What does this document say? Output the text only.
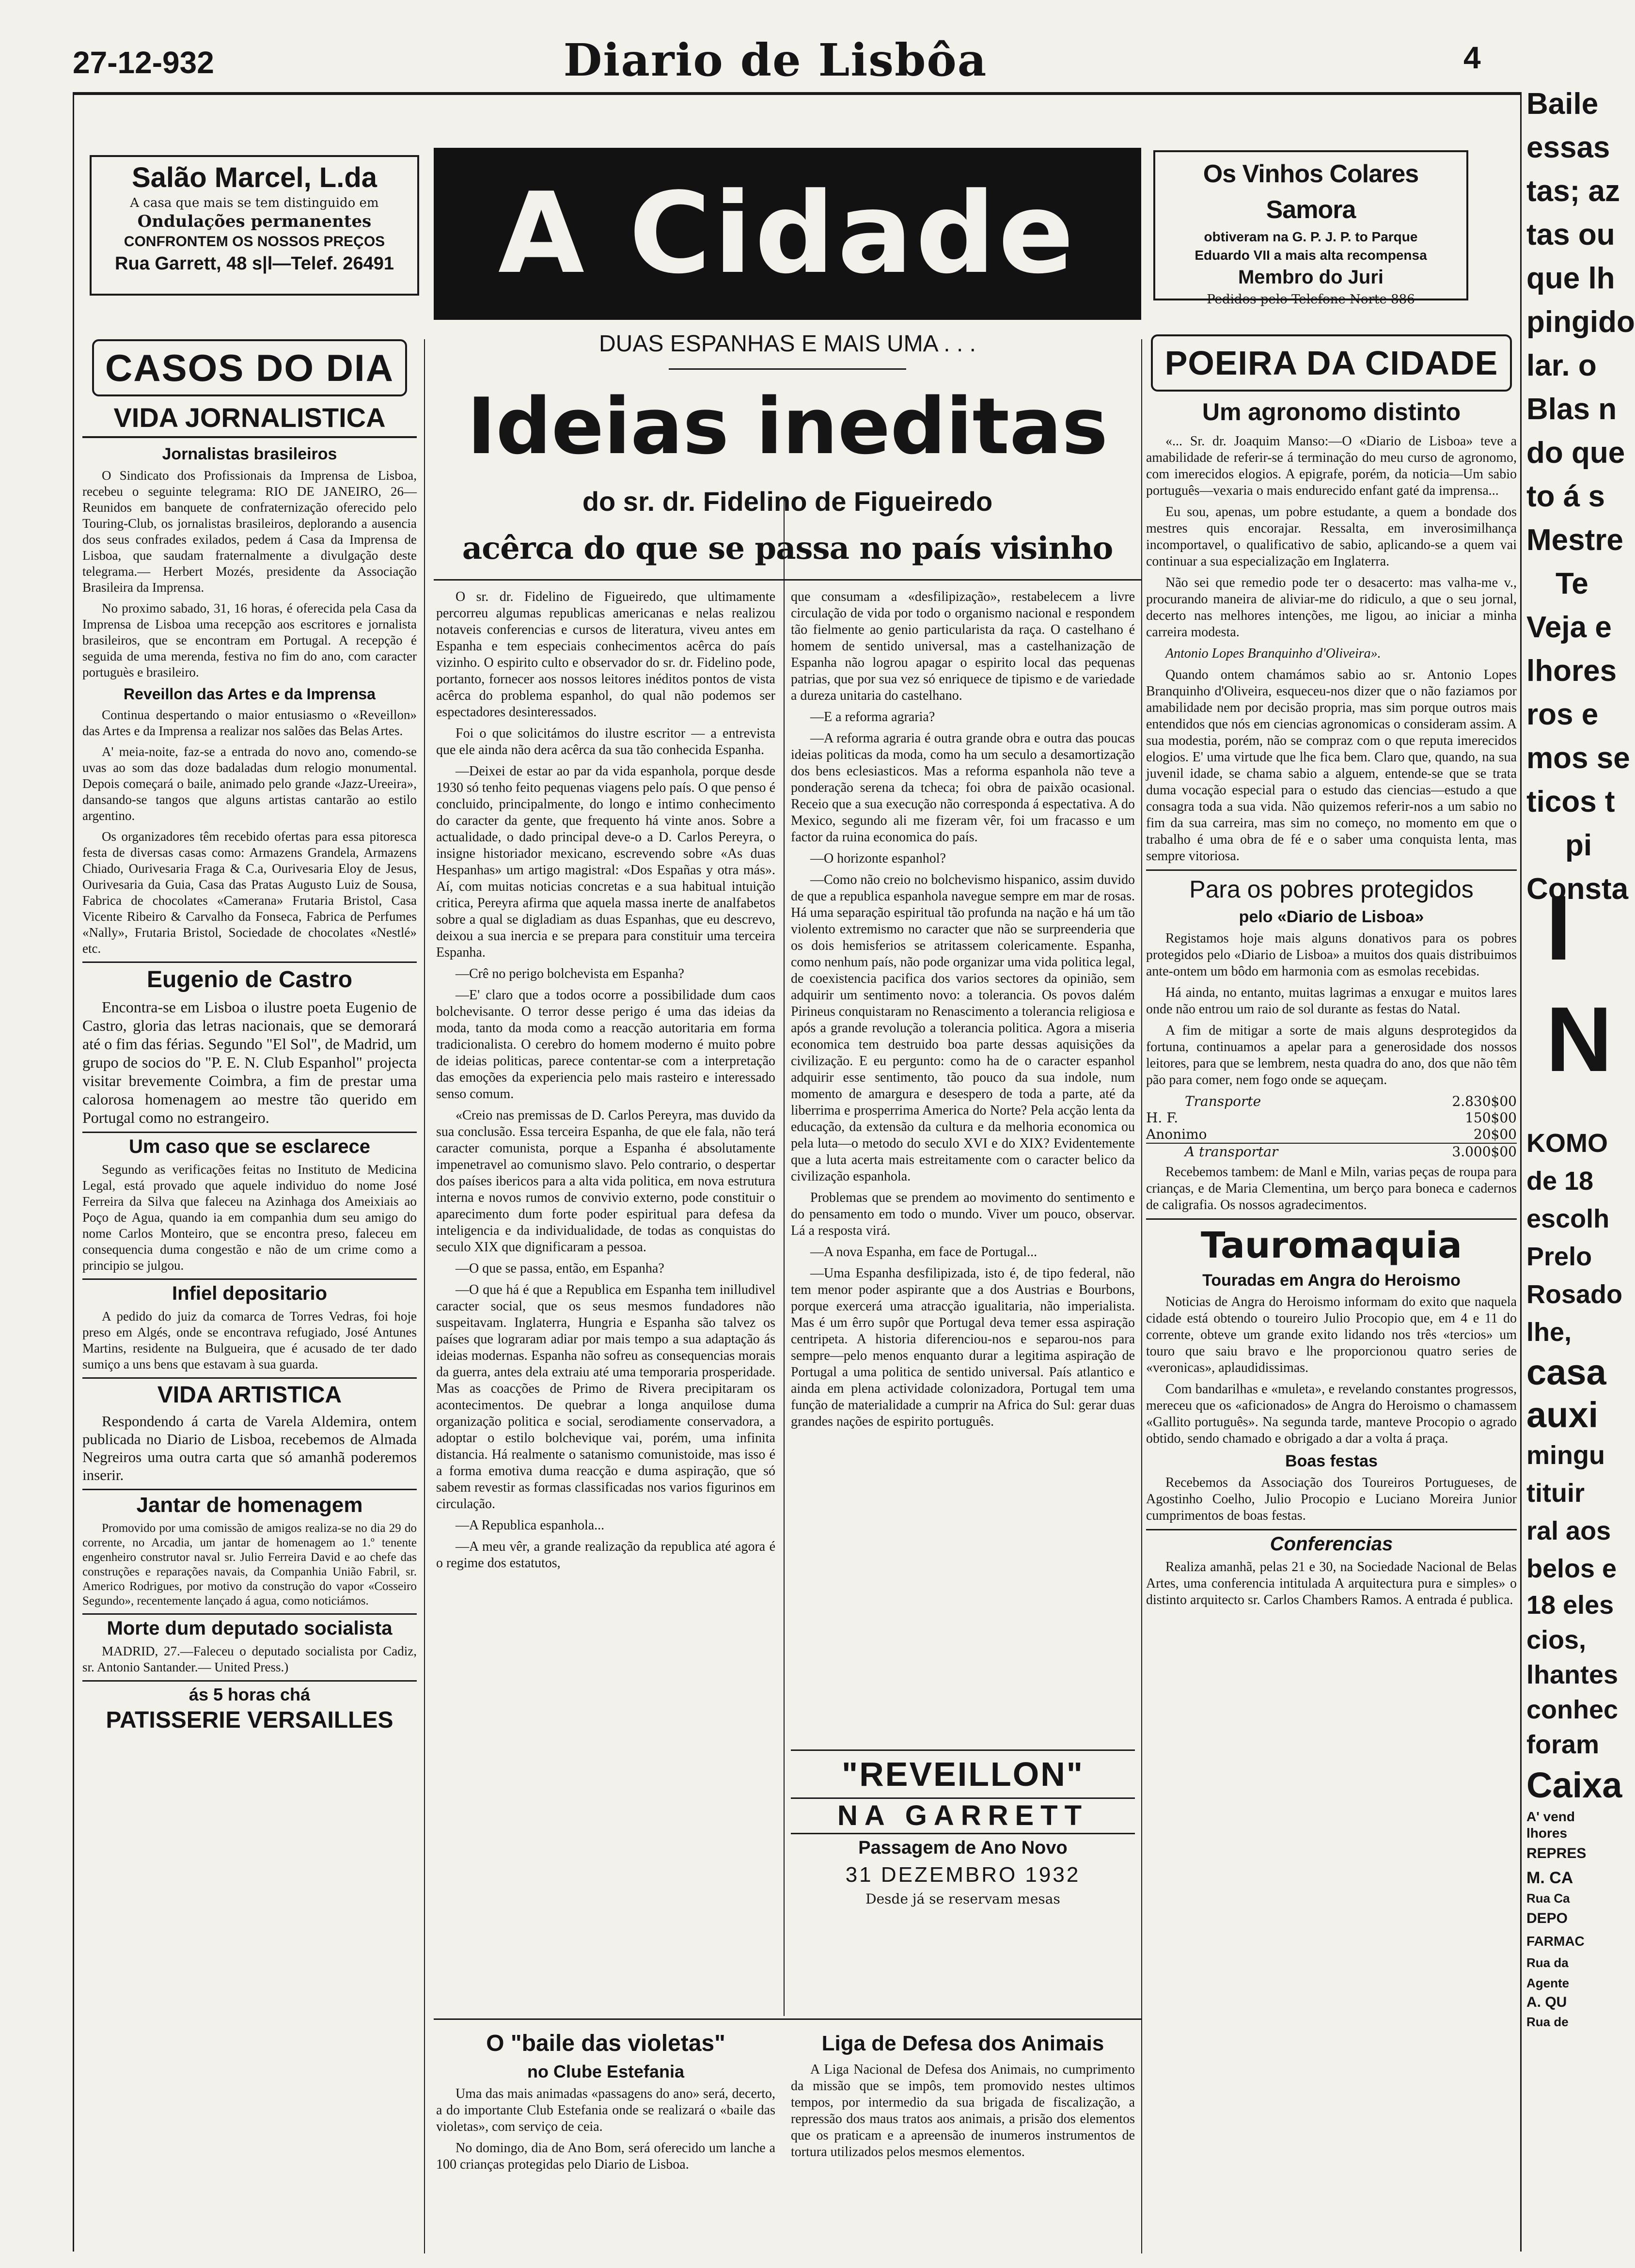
27-12-932	Diario de Lisbôa	4
Salão Marcel, L.da
A casa que mais se tem distinguido em
Ondulações permanentes
CONFRONTEM OS NOSSOS PREÇOS
Rua Garrett, 48 s|l—Telef. 26491 A Cidade	Os Vinhos Colares Samora
obtiveram na G. P. J. P. to Parque
Eduardo VII a mais alta recompensa
Membro do Juri
Pedidos pelo Telefone Norte 886
CASOS DO DIA
VIDA JORNALISTICA
Jornalistas brasileiros

O Sindicato dos Profissionais da Imprensa de Lisboa, recebeu o seguinte telegrama: RIO DE JANEIRO, 26—Reunidos em banquete de confraternização oferecido pelo Touring-Club, os jornalistas brasileiros, deplorando a ausencia dos seus confrades exilados, pedem á Casa da Imprensa de Lisboa, que saudam fraternalmente a divulgação deste telegrama.— Herbert Mozés, presidente da Associação Brasileira da Imprensa.

No proximo sabado, 31, 16 horas, é oferecida pela Casa da Imprensa de Lisboa uma recepção aos escritores e jornalista brasileiros, que se encontram em Portugal. A recepção é seguida de uma merenda, festiva no fim do ano, com caracter portuguès e brasileiro.

Reveillon das Artes e da Imprensa

Continua despertando o maior entusiasmo o «Reveillon» das Artes e da Imprensa a realizar nos salões das Belas Artes.

A' meia-noite, faz-se a entrada do novo ano, comendo-se uvas ao som das doze badaladas dum relogio monumental. Depois começará o baile, animado pelo grande «Jazz-Ureeira», dansando-se tangos que alguns artistas cantarão ao estilo argentino.

Os organizadores têm recebido ofertas para essa pitoresca festa de diversas casas como: Armazens Grandela, Armazens Chiado, Ourivesaria Fraga & C.a, Ourivesaria Eloy de Jesus, Ourivesaria da Guia, Casa das Pratas Augusto Luiz de Sousa, Fabrica de chocolates «Camerana» Frutaria Bristol, Casa Vicente Ribeiro & Carvalho da Fonseca, Fabrica de Perfumes «Nally», Frutaria Bristol, Sociedade de chocolates «Nestlé» etc.

Eugenio de Castro

Encontra-se em Lisboa o ilustre poeta Eugenio de Castro, gloria das letras nacionais, que se demorará até o fim das férias. Segundo "El Sol", de Madrid, um grupo de socios do "P. E. N. Club Espanhol" projecta visitar brevemente Coimbra, a fim de prestar uma calorosa homenagem ao mestre tão querido em Portugal como no estrangeiro.

Um caso que se esclarece

Segundo as verificações feitas no Instituto de Medicina Legal, está provado que aquele individuo do nome José Ferreira da Silva que faleceu na Azinhaga dos Ameixiais ao Poço de Agua, quando ia em companhia dum seu amigo do nome Carlos Monteiro, que se encontra preso, faleceu em consequencia duma congestão e não de um crime como a principio se julgou.

Infiel depositario

A pedido do juiz da comarca de Torres Vedras, foi hoje preso em Algés, onde se encontrava refugiado, José Antunes Martins, residente na Bulgueira, que é acusado de ter dado sumiço a uns bens que estavam à sua guarda.

VIDA ARTISTICA

Respondendo á carta de Varela Aldemira, ontem publicada no Diario de Lisboa, recebemos de Almada Negreiros uma outra carta que só amanhã poderemos inserir.

Jantar de homenagem

Promovido por uma comissão de amigos realiza-se no dia 29 do corrente, no Arcadia, um jantar de homenagem ao 1.º tenente engenheiro construtor naval sr. Julio Ferreira David e ao chefe das construções e reparações navais, da Companhia União Fabril, sr. Americo Rodrigues, por motivo da construção do vapor «Cosseiro Segundo», recentemente lançado á agua, como noticiámos.

Morte dum deputado socialista

MADRID, 27.—Faleceu o deputado socialista por Cadiz, sr. Antonio Santander.— United Press.)

ás 5 horas chá
PATISSERIE VERSAILLES
DUAS ESPANHAS E MAIS UMA . . .
Ideias ineditas
do sr. dr. Fidelino de Figueiredo
acêrca do que se passa no país visinho

O sr. dr. Fidelino de Figueiredo, que ultimamente percorreu algumas republicas americanas e nelas realizou notaveis conferencias e cursos de literatura, viveu antes em Espanha e tem especiais conhecimentos acêrca do país vizinho. O espirito culto e observador do sr. dr. Fidelino pode, portanto, fornecer aos nossos leitores inéditos pontos de vista acêrca do problema espanhol, do qual não podemos ser espectadores desinteressados.

Foi o que solicitámos do ilustre escritor — a entrevista que ele ainda não dera acêrca da sua tão conhecida Espanha.

—Deixei de estar ao par da vida espanhola, porque desde 1930 só tenho feito pequenas viagens pelo país. O que penso é concluido, principalmente, do longo e intimo conhecimento do caracter da gente, que frequento há vinte anos. Sobre a actualidade, o dado principal deve-o a D. Carlos Pereyra, o insigne historiador mexicano, escrevendo sobre «As duas Hespanhas» um artigo magistral: «Dos Españas y otra más». Aí, com muitas noticias concretas e a sua habitual intuição critica, Pereyra afirma que aquela massa inerte de analfabetos sobre a qual se digladiam as duas Espanhas, que eu descrevo, deixou a sua inercia e se prepara para constituir uma terceira Espanha.

—Crê no perigo bolchevista em Espanha?

—E' claro que a todos ocorre a possibilidade dum caos bolchevisante. O terror desse perigo é uma das ideias da moda, tanto da moda como a reacção autoritaria em forma tradicionalista. O cerebro do homem moderno é muito pobre de ideias politicas, parece contentar-se com a interpretação das emoções da experiencia pelo mais rasteiro e interessado senso comum.

«Creio nas premissas de D. Carlos Pereyra, mas duvido da sua conclusão. Essa terceira Espanha, de que ele fala, não terá caracter comunista, porque a Espanha é absolutamente impenetravel ao comunismo slavo. Pelo contrario, o despertar dos países ibericos para a alta vida politica, em nova estrutura interna e novos rumos de convivio externo, pode constituir o aparecimento dum forte poder espiritual para defesa da inteligencia e da individualidade, de todas as conquistas do seculo XIX que dignificaram a pessoa.

—O que se passa, então, em Espanha?

—O que há é que a Republica em Espanha tem inilludivel caracter social, que os seus mesmos fundadores não suspeitavam. Inglaterra, Hungria e Espanha são talvez os países que lograram adiar por mais tempo a sua adaptação ás ideias modernas. Espanha não sofreu as consequencias morais da guerra, antes dela extraiu até uma temporaria prosperidade. Mas as coacções de Primo de Rivera precipitaram os acontecimentos. De quebrar a longa anquilose duma organização politica e social, serodiamente conservadora, a adoptar o estilo bolchevique vai, porém, uma infinita distancia. Há realmente o satanismo comunistoide, mas isso é a forma emotiva duma reacção e duma aspiração, que só sabem revestir as formas classificadas nos varios figurinos em circulação.

—A Republica espanhola...

—A meu vêr, a grande realização da republica até agora é o regime dos estatutos,

que consumam a «desfilipização», restabelecem a livre circulação de vida por todo o organismo nacional e respondem tão fielmente ao genio particularista da raça. O castelhano é homem de sentido universal, mas a castelhanização de Espanha não logrou apagar o espirito local das pequenas patrias, que por sua vez só enriquece de tipismo e de variedade a dureza unitaria do castelhano.

—E a reforma agraria?

—A reforma agraria é outra grande obra e outra das poucas ideias politicas da moda, como ha um seculo a desamortização dos bens eclesiasticos. Mas a reforma espanhola não teve a ponderação serena da tcheca; foi obra de paixão ocasional. Receio que a sua execução não corresponda á espectativa. A do Mexico, segundo ali me fizeram vêr, foi um fracasso e um factor da ruina economica do país.

—O horizonte espanhol?

—Como não creio no bolchevismo hispanico, assim duvido de que a republica espanhola navegue sempre em mar de rosas. Há uma separação espiritual tão profunda na nação e há um tão violento extremismo no caracter que não se surpreenderia que os dois hemisferios se atritassem colericamente. Espanha, como nenhum país, não pode organizar uma vida politica legal, de coexistencia pacifica dos varios sectores da opinião, sem adquirir um sentimento novo: a tolerancia. Os povos dalém Pirineus conquistaram no Renascimento a tolerancia religiosa e após a grande revolução a tolerancia politica. Agora a miseria economica tem destruido boa parte dessas aquisições da civilização. E eu pergunto: como ha de o caracter espanhol adquirir esse sentimento, tão pouco da sua indole, num momento de amargura e desespero de toda a parte, até da liberrima e prosperrima America do Norte? Pela acção lenta da educação, da extensão da cultura e da melhoria economica ou pela luta—o metodo do seculo XVI e do XIX? Evidentemente que a luta acerta mais estreitamente com o caracter belico da civilização espanhola.

Problemas que se prendem ao movimento do sentimento e do pensamento em todo o mundo. Viver um pouco, observar. Lá a resposta virá.

—A nova Espanha, em face de Portugal...

—Uma Espanha desfilipizada, isto é, de tipo federal, não tem menor poder aspirante que a dos Austrias e Bourbons, porque exercerá uma atracção igualitaria, não imperialista. Mas é um êrro supôr que Portugal deva temer essa aspiração centripeta. A historia diferenciou-nos e separou-nos para sempre—pelo menos enquanto durar a legitima aspiração de Portugal a uma politica de sentido universal. País atlantico e ainda em plena actividade colonizadora, Portugal tem uma função de materialidade a cumprir na Africa do Sul: gerar duas grandes nações de espirito português.

"REVEILLON"
NA GARRETT
Passagem de Ano Novo
31 DEZEMBRO 1932
Desde já se reservam mesas
O "baile das violetas"
no Clube Estefania

Uma das mais animadas «passagens do ano» será, decerto, a do importante Club Estefania onde se realizará o «baile das violetas», com serviço de ceia.

No domingo, dia de Ano Bom, será oferecido um lanche a 100 crianças protegidas pelo Diario de Lisboa.

Liga de Defesa dos Animais

A Liga Nacional de Defesa dos Animais, no cumprimento da missão que se impôs, tem promovido nestes ultimos tempos, por intermedio da sua brigada de fiscalização, a repressão dos maus tratos aos animais, a prisão dos elementos que os praticam e a apreensão de inumeros instrumentos de tortura utilizados pelos mesmos elementos.

POEIRA DA CIDADE
Um agronomo distinto

«... Sr. dr. Joaquim Manso:—O «Diario de Lisboa» teve a amabilidade de referir-se á terminação do meu curso de agronomo, com imerecidos elogios. A epigrafe, porém, da noticia—Um sabio português—vexaria o mais endurecido enfant gaté da imprensa...

Eu sou, apenas, um pobre estudante, a quem a bondade dos mestres quis encorajar. Ressalta, em inverosimilhança incomportavel, o qualificativo de sabio, aplicando-se a quem vai continuar a sua especialização em Inglaterra.

Não sei que remedio pode ter o desacerto: mas valha-me v., procurando maneira de aliviar-me do ridiculo, a que o seu jornal, decerto nas melhores intenções, me ligou, ao iniciar a minha carreira modesta.

Antonio Lopes Branquinho d'Oliveira».

Quando ontem chamámos sabio ao sr. Antonio Lopes Branquinho d'Oliveira, esqueceu-nos dizer que o não faziamos por amabilidade nem por decisão propria, mas sim porque outros mais entendidos que nós em ciencias agronomicas o consideram assim. A sua modestia, porém, não se compraz com o que reputa imerecidos elogios. E' uma virtude que lhe fica bem. Claro que, quando, na sua juvenil idade, se chama sabio a alguem, entende-se que se trata duma vocação especial para o estudo das ciencias—estudo a que consagra toda a sua vida. Não quizemos referir-nos a um sabio no fim da sua carreira, mas sim no começo, no momento em que o trabalho é uma obra de fé e o saber uma conquista lenta, mas sempre vitoriosa.

Para os pobres protegidos
pelo «Diario de Lisboa»

Registamos hoje mais alguns donativos para os pobres protegidos pelo «Diario de Lisboa» a muitos dos quais distribuimos ante-ontem um bôdo em harmonia com as esmolas recebidas.

Há ainda, no entanto, muitas lagrimas a enxugar e muitos lares onde não entrou um raio de sol durante as festas do Natal.

A fim de mitigar a sorte de mais alguns desprotegidos da fortuna, continuamos a apelar para a generosidade dos nossos leitores, para que se lembrem, nesta quadra do ano, dos que não têm pão para comer, nem fogo onde se aqueçam.

Transporte	2.830$00
H. F.	150$00
Anonimo	20$00
A transportar	3.000$00

Recebemos tambem: de Manl e Miln, varias peças de roupa para crianças, e de Maria Clementina, um berço para boneca e cadernos de caligrafia. Os nossos agradecimentos.

Tauromaquia
Touradas em Angra do Heroismo

Noticias de Angra do Heroismo informam do exito que naquela cidade está obtendo o toureiro Julio Procopio que, em 4 e 11 do corrente, obteve um grande exito lidando nos três «tercios» um touro que saiu bravo e lhe proporcionou quatro series de «veronicas», aplaudidissimas.

Com bandarilhas e «muleta», e revelando constantes progressos, mereceu que os «aficionados» de Angra do Heroismo o chamassem «Gallito português». Na segunda tarde, manteve Procopio o agrado obtido, sendo chamado e obrigado a dar a volta á praça.

Boas festas

Recebemos da Associação dos Toureiros Portugueses, de Agostinho Coelho, Julio Procopio e Luciano Moreira Junior cumprimentos de boas festas.

Conferencias

Realiza amanhã, pelas 21 e 30, na Sociedade Nacional de Belas Artes, uma conferencia intitulada A arquitectura pura e simples» o distinto arquitecto sr. Carlos Chambers Ramos. A entrada é publica.

Baile
essas
tas; az
tas ou
que lh
pingido
lar. o
Blas n
do que
to á s
Mestre
Te
Veja e
lhores
ros e
mos se
ticos t
pi
Consta
I
N
KOMO
de 18
escolh
Prelo
Rosado
lhe,
casa
auxi
mingu
tituir
ral aos
belos e
18 eles
cios,
lhantes
conhec
foram
Caixa
A' vend
lhores
REPRES
M. CA
Rua Ca
DEPO
FARMAC
Rua da
Agente
A. QU
Rua de
